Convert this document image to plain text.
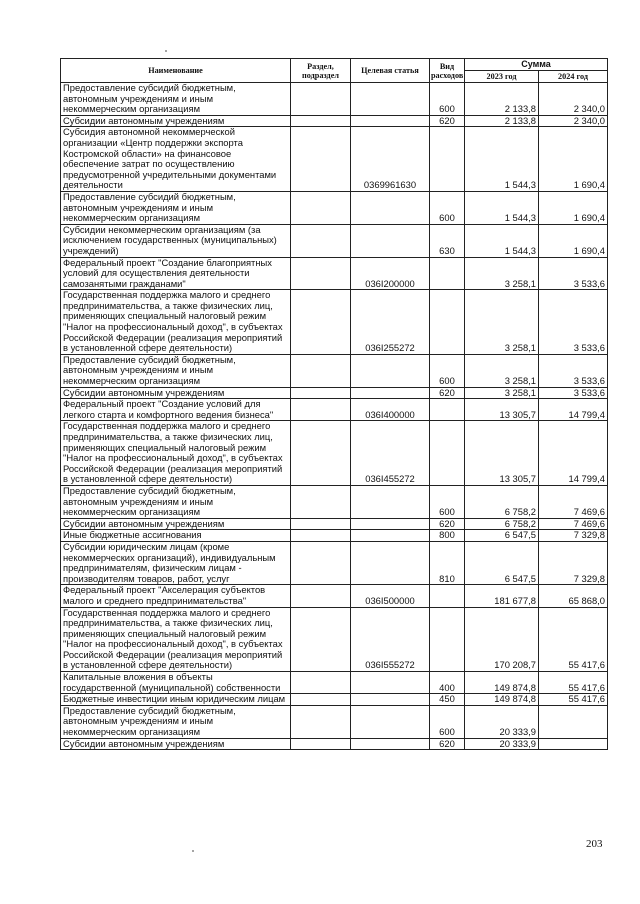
Наименование	Раздел, подраздел	Целевая статья	Вид расходов	Сумма	
				2023 год	2024 год
Предоставление субсидий бюджетным, автономным учреждениям и иным некоммерческим организациям			600	2 133,8	2 340,0
Субсидии автономным учреждениям			620	2 133,8	2 340,0
Субсидия автономной некоммерческой организации «Центр поддержки экспорта Костромской области» на финансовое обеспечение затрат по осуществлению предусмотренной учредительными документами деятельности		0369961630		1 544,3	1 690,4
Предоставление субсидий бюджетным, автономным учреждениям и иным некоммерческим организациям			600	1 544,3	1 690,4
Субсидии некоммерческим организациям (за исключением государственных (муниципальных) учреждений)			630	1 544,3	1 690,4
Федеральный проект "Создание благоприятных условий для осуществления деятельности самозанятыми гражданами"		036I200000		3 258,1	3 533,6
Государственная поддержка малого и среднего предпринимательства, а также физических лиц, применяющих специальный налоговый режим "Налог на профессиональный доход", в субъектах Российской Федерации (реализация мероприятий в установленной сфере деятельности)		036I255272		3 258,1	3 533,6
Предоставление субсидий бюджетным, автономным учреждениям и иным некоммерческим организациям			600	3 258,1	3 533,6
Субсидии автономным учреждениям			620	3 258,1	3 533,6
Федеральный проект "Создание условий для легкого старта и комфортного ведения бизнеса"		036I400000		13 305,7	14 799,4
Государственная поддержка малого и среднего предпринимательства, а также физических лиц, применяющих специальный налоговый режим "Налог на профессиональный доход", в субъектах Российской Федерации (реализация мероприятий в установленной сфере деятельности)		036I455272		13 305,7	14 799,4
Предоставление субсидий бюджетным, автономным учреждениям и иным некоммерческим организациям			600	6 758,2	7 469,6
Субсидии автономным учреждениям			620	6 758,2	7 469,6
Иные бюджетные ассигнования			800	6 547,5	7 329,8
Субсидии юридическим лицам (кроме некоммерческих организаций), индивидуальным предпринимателям, физическим лицам - производителям товаров, работ, услуг			810	6 547,5	7 329,8
Федеральный проект "Акселерация субъектов малого и среднего предпринимательства"		036I500000		181 677,8	65 868,0
Государственная поддержка малого и среднего предпринимательства, а также физических лиц, применяющих специальный налоговый режим "Налог на профессиональный доход", в субъектах Российской Федерации (реализация мероприятий в установленной сфере деятельности)		036I555272		170 208,7	55 417,6
Капитальные вложения в объекты государственной (муниципальной) собственности			400	149 874,8	55 417,6
Бюджетные инвестиции иным юридическим лицам			450	149 874,8	55 417,6
Предоставление субсидий бюджетным, автономным учреждениям и иным некоммерческим организациям			600	20 333,9	
Субсидии автономным учреждениям			620	20 333,9	
203
